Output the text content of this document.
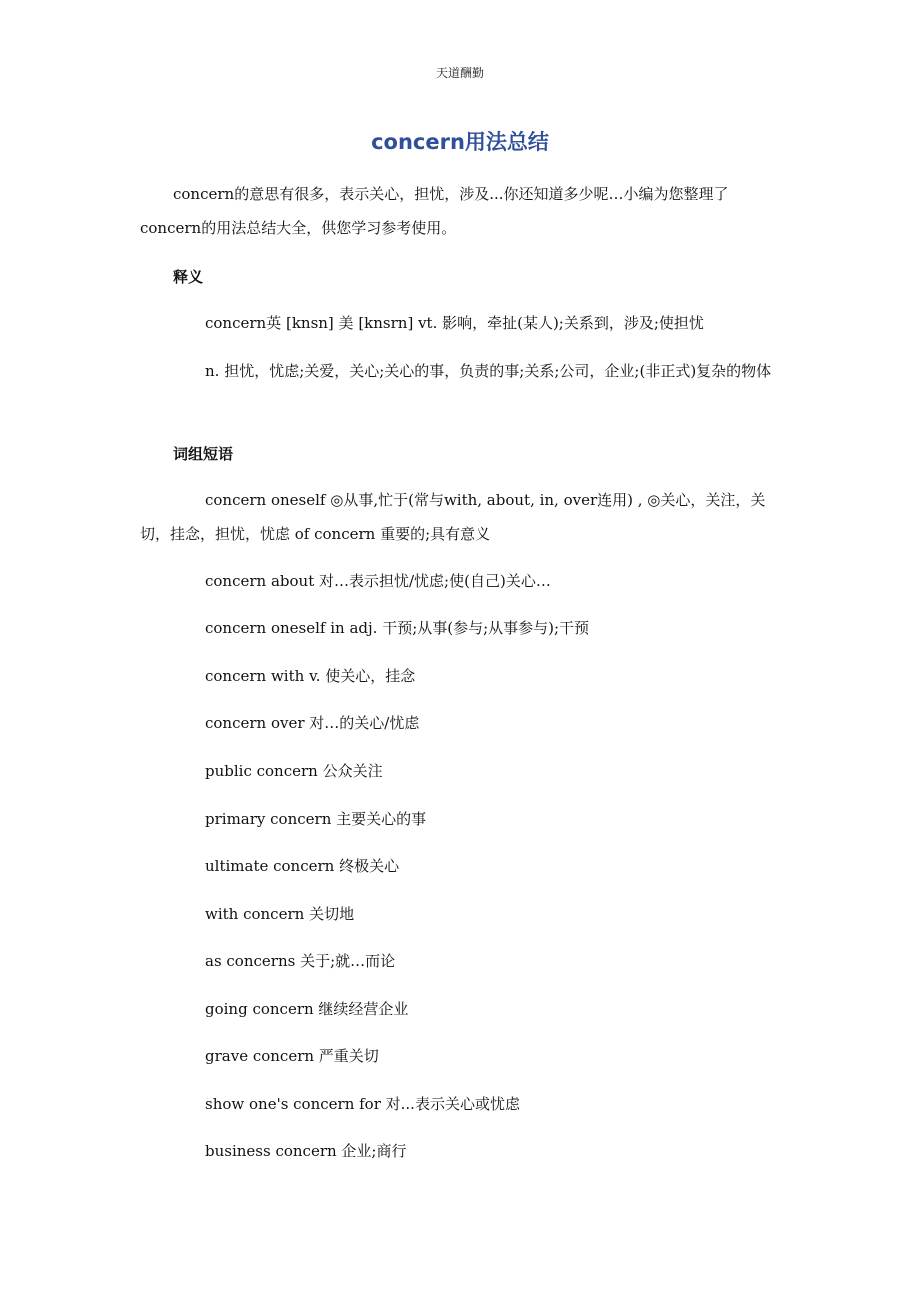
天道酬勤
concern用法总结
concern的意思有很多，表示关心，担忧，涉及...你还知道多少呢…小编为您整理了concern的用法总结大全，供您学习参考使用。
释义
concern英 [knsn] 美 [knsrn] vt. 影响，牵扯(某人);关系到，涉及;使担忧
n. 担忧，忧虑;关爱，关心;关心的事，负责的事;关系;公司，企业;(非正式)复杂的物体
词组短语
concern oneself ◎从事,忙于(常与with, about, in, over连用) , ◎关心，关注，关切，挂念，担忧，忧虑 of concern 重要的;具有意义
concern about 对…表示担忧/忧虑;使(自己)关心…
concern oneself in adj. 干预;从事(参与;从事参与);干预
concern with v. 使关心，挂念
concern over 对…的关心/忧虑
public concern 公众关注
primary concern 主要关心的事
ultimate concern 终极关心
with concern 关切地
as concerns 关于;就…而论
going concern 继续经营企业
grave concern 严重关切
show one's concern for 对...表示关心或忧虑
business concern 企业;商行
